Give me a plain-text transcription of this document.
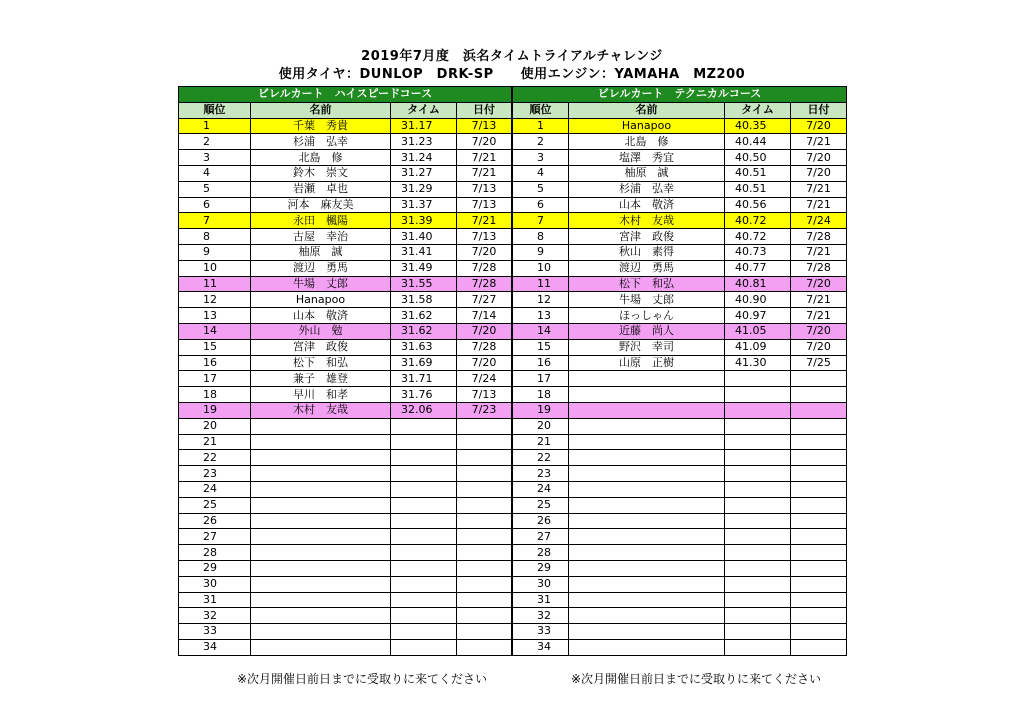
2019年7月度　浜名タイムトライアルチャレンジ
使用タイヤ：DUNLOP　DRK-SP　　使用エンジン：YAMAHA　MZ200
ビレルカート　ハイスピードコース			
順位	名前	タイム	日付
1	千葉　秀貴	31.17	7/13
2	杉浦　弘幸	31.23	7/20
3	北島　修	31.24	7/21
4	鈴木　崇文	31.27	7/21
5	岩瀬　卓也	31.29	7/13
6	河本　麻友美	31.37	7/13
7	永田　楓陽	31.39	7/21
8	古屋　幸治	31.40	7/13
9	柚原　誠	31.41	7/20
10	渡辺　勇馬	31.49	7/28
11	牛場　丈郎	31.55	7/28
12	Hanapoo	31.58	7/27
13	山本　敬済	31.62	7/14
14	外山　勉	31.62	7/20
15	宮津　政俊	31.63	7/28
16	松下　和弘	31.69	7/20
17	兼子　雄登	31.71	7/24
18	早川　和孝	31.76	7/13
19	木村　友哉	32.06	7/23
20			
21			
22			
23			
24			
25			
26			
27			
28			
29			
30			
31			
32			
33			
34			
ビレルカート　テクニカルコース			
順位	名前	タイム	日付
1	Hanapoo	40.35	7/20
2	北島　修	40.44	7/21
3	塩澤　秀宜	40.50	7/20
4	柚原　誠	40.51	7/20
5	杉浦　弘幸	40.51	7/21
6	山本　敬済	40.56	7/21
7	木村　友哉	40.72	7/24
8	宮津　政俊	40.72	7/28
9	秋山　素得	40.73	7/21
10	渡辺　勇馬	40.77	7/28
11	松下　和弘	40.81	7/20
12	牛場　丈郎	40.90	7/21
13	ほっしゃん	40.97	7/21
14	近藤　尚人	41.05	7/20
15	野沢　幸司	41.09	7/20
16	山原　正樹	41.30	7/25
17			
18			
19			
20			
21			
22			
23			
24			
25			
26			
27			
28			
29			
30			
31			
32			
33			
34			
※次月開催日前日までに受取りに来てください	※次月開催日前日までに受取りに来てください
